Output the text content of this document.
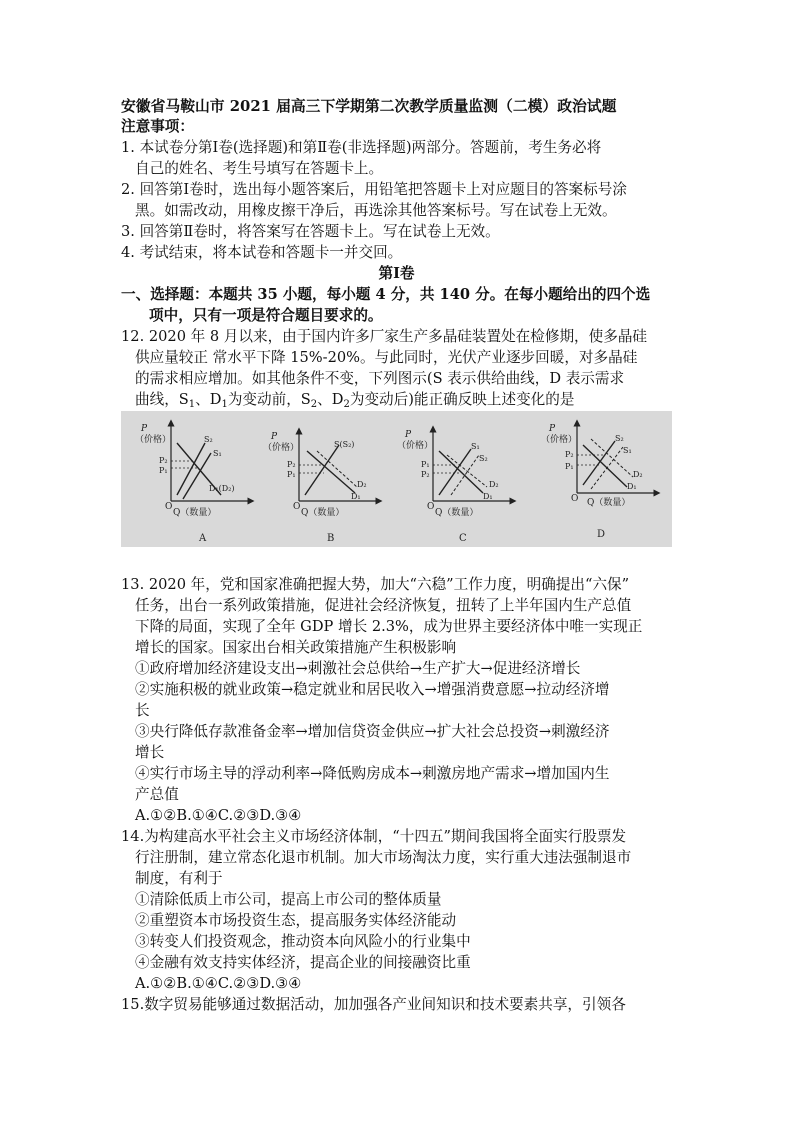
安徽省马鞍山市 2021 届高三下学期第二次教学质量监测（二模）政治试题
注意事项：
1. 本试卷分第Ⅰ卷(选择题)和第Ⅱ卷(非选择题)两部分。答题前，考生务必将
自己的姓名、考生号填写在答题卡上。
2. 回答第Ⅰ卷时，选出每小题答案后，用铅笔把答题卡上对应题目的答案标号涂
黑。如需改动，用橡皮擦干净后，再选涂其他答案标号。写在试卷上无效。
3. 回答第Ⅱ卷时，将答案写在答题卡上。写在试卷上无效。
4. 考试结束，将本试卷和答题卡一并交回。
第Ⅰ卷
一、选择题：本题共 35 小题，每小题 4 分，共 140 分。在每小题给出的四个选
项中，只有一项是符合题目要求的。
12. 2020 年 8 月以来，由于国内许多厂家生产多晶硅装置处在检修期，使多晶硅
供应量较正 常水平下降 15%-20%。与此同时，光伏产业逐步回暖，对多晶硅
的需求相应增加。如其他条件不变，下列图示(S 表示供给曲线，D 表示需求
曲线，$S_1$、$D_1$为变动前，$S_2$、$D_2$为变动后)能正确反映上述变化的是
P
（价格）
O
Q（数量）
S₂
S₁
P₂
P₁
D₁(D₂)
A
P
（价格）
O
Q（数量）
S(S₂)
P₂
P₁
D₂
D₁
B
P
（价格）
O
Q（数量）
S₁
S₂
P₁
P₂
D₂
D₁
C
P
（价格）
O Q（数量）
S₂
S₁
P₂
P₁
D₂
D₁
D
13. 2020 年，党和国家准确把握大势，加大“六稳”工作力度，明确提出“六保”
任务，出台一系列政策措施，促进社会经济恢复，扭转了上半年国内生产总值
下降的局面，实现了全年 GDP 增长 2.3%，成为世界主要经济体中唯一实现正
增长的国家。国家出台相关政策措施产生积极影响
①政府增加经济建设支出→刺激社会总供给→生产扩大→促进经济增长
②实施积极的就业政策→稳定就业和居民收入→增强消费意愿→拉动经济增
长
③央行降低存款准备金率→增加信贷资金供应→扩大社会总投资→刺激经济
增长
④实行市场主导的浮动利率→降低购房成本→刺激房地产需求→增加国内生
产总值
A.①②B.①④C.②③D.③④
14.为构建高水平社会主义市场经济体制，“十四五”期间我国将全面实行股票发
行注册制，建立常态化退市机制。加大市场淘汰力度，实行重大违法强制退市
制度，有利于
①清除低质上市公司，提高上市公司的整体质量
②重塑资本市场投资生态，提高服务实体经济能动
③转变人们投资观念，推动资本向风险小的行业集中
④金融有效支持实体经济，提高企业的间接融资比重
A.①②B.①④C.②③D.③④
15.数字贸易能够通过数据活动，加加强各产业间知识和技术要素共享，引领各
